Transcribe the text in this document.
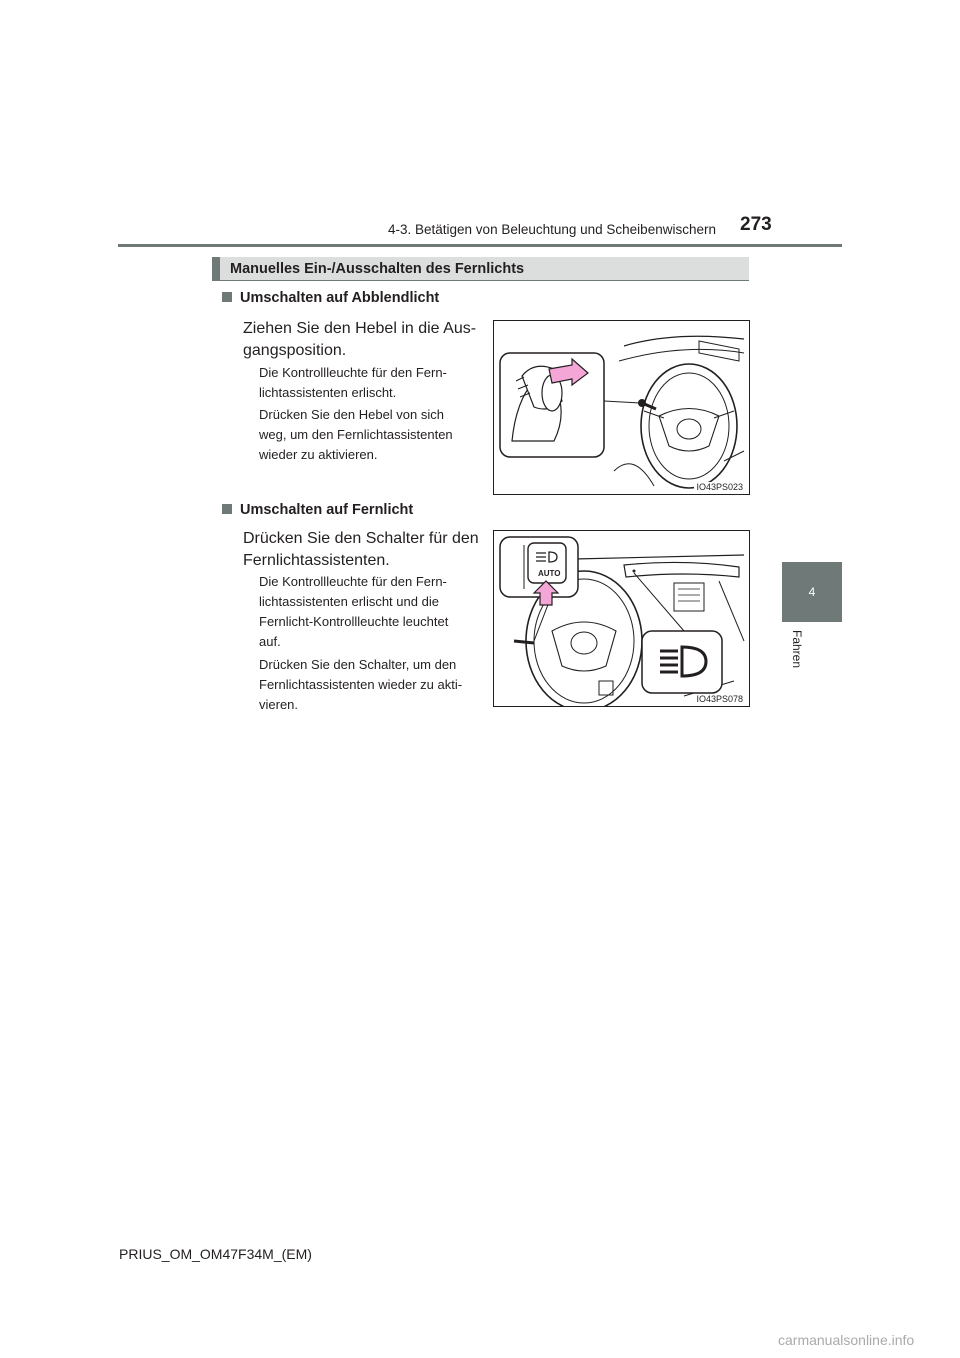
4-3. Betätigen von Beleuchtung und Scheibenwischern 273
4
Fahren
Manuelles Ein-/Ausschalten des Fernlichts
Umschalten auf Abblendlicht
Ziehen Sie den Hebel in die Aus-
gangsposition.
Die Kontrollleuchte für den Fern-
lichtassistenten erlischt.
Drücken Sie den Hebel von sich
weg, um den Fernlichtassistenten
wieder zu aktivieren.
IO43PS023
Umschalten auf Fernlicht
Drücken Sie den Schalter für den
Fernlichtassistenten.
Die Kontrollleuchte für den Fern-
lichtassistenten erlischt und die
Fernlicht-Kontrollleuchte leuchtet
auf.
Drücken Sie den Schalter, um den
Fernlichtassistenten wieder zu akti-
vieren.
AUTO
IO43PS078
PRIUS_OM_OM47F34M_(EM)
carmanualsonline.info
